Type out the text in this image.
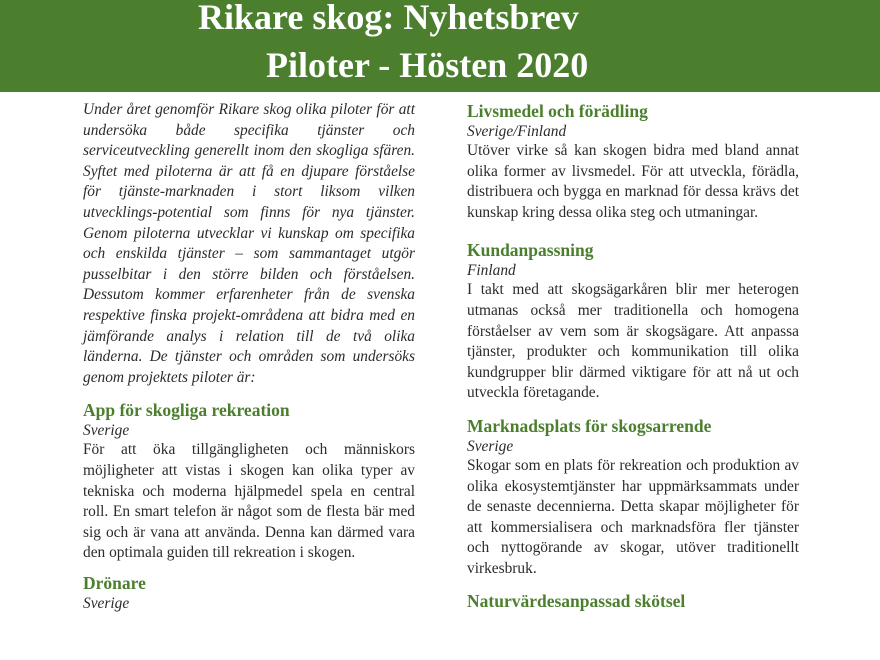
Rikare skog: Nyhetsbrev
Piloter - Hösten 2020

Under året genomför Rikare skog olika piloter för att undersöka både specifika tjänster och serviceutveckling generellt inom den skogliga sfären. Syftet med piloterna är att få en djupare förståelse för tjänste-marknaden i stort liksom vilken utvecklings-potential som finns för nya tjänster. Genom piloterna utvecklar vi kunskap om specifika och enskilda tjänster – som sammantaget utgör pusselbitar i den större bilden och förståelsen. Dessutom kommer erfarenheter från de svenska respektive finska projekt-områdena att bidra med en jämförande analys i relation till de två olika länderna. De tjänster och områden som undersöks genom projektets piloter är:

App för skogliga rekreation

Sverige

För att öka tillgängligheten och människors möjligheter att vistas i skogen kan olika typer av tekniska och moderna hjälpmedel spela en central roll. En smart telefon är något som de flesta bär med sig och är vana att använda. Denna kan därmed vara den optimala guiden till rekreation i skogen.

Drönare

Sverige

Livsmedel och förädling

Sverige/Finland

Utöver virke så kan skogen bidra med bland annat olika former av livsmedel. För att utveckla, förädla, distribuera och bygga en marknad för dessa krävs det kunskap kring dessa olika steg och utmaningar.

Kundanpassning

Finland

I takt med att skogsägarkåren blir mer heterogen utmanas också mer traditionella och homogena förståelser av vem som är skogsägare. Att anpassa tjänster, produkter och kommunikation till olika kundgrupper blir därmed viktigare för att nå ut och utveckla företagande.

Marknadsplats för skogsarrende

Sverige

Skogar som en plats för rekreation och produktion av olika ekosystemtjänster har uppmärksammats under de senaste decennierna. Detta skapar möjligheter för att kommersialisera och marknadsföra fler tjänster och nyttogörande av skogar, utöver traditionellt virkesbruk.

Naturvärdesanpassad skötsel
